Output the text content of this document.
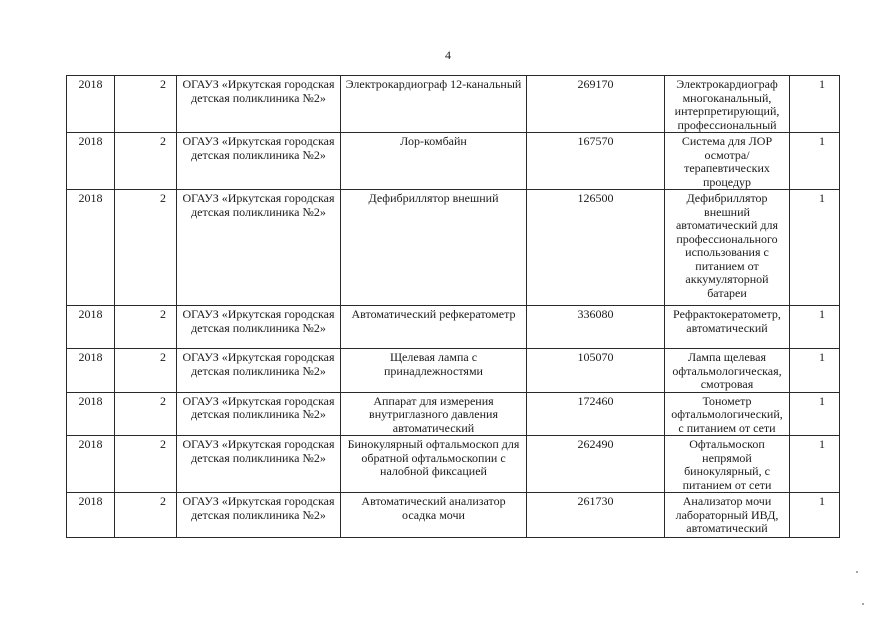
4
2018	2	ОГАУЗ «Иркутская городская детская поликлиника №2»	Электрокардиограф 12-канальный	269170	Электрокардиограф многоканальный, интерпретирующий, профессиональный	1
2018	2	ОГАУЗ «Иркутская городская детская поликлиника №2»	Лор-комбайн	167570	Система для ЛОР осмотра/ терапевтических процедур	1
2018	2	ОГАУЗ «Иркутская городская детская поликлиника №2»	Дефибриллятор внешний	126500	Дефибриллятор внешний автоматический для профессионального использования с питанием от аккумуляторной батареи	1
2018	2	ОГАУЗ «Иркутская городская детская поликлиника №2»	Автоматический рефкератометр	336080	Рефрактокератометр, автоматический	1
2018	2	ОГАУЗ «Иркутская городская детская поликлиника №2»	Щелевая лампа с принадлежностями	105070	Лампа щелевая офтальмологическая, смотровая	1
2018	2	ОГАУЗ «Иркутская городская детская поликлиника №2»	Аппарат для измерения внутриглазного давления автоматический	172460	Тонометр офтальмологический, с питанием от сети	1
2018	2	ОГАУЗ «Иркутская городская детская поликлиника №2»	Бинокулярный офтальмоскоп для обратной офтальмоскопии с налобной фиксацией	262490	Офтальмоскоп непрямой бинокулярный, с питанием от сети	1
2018	2	ОГАУЗ «Иркутская городская детская поликлиника №2»	Автоматический анализатор осадка мочи	261730	Анализатор мочи лабораторный ИВД, автоматический	1
